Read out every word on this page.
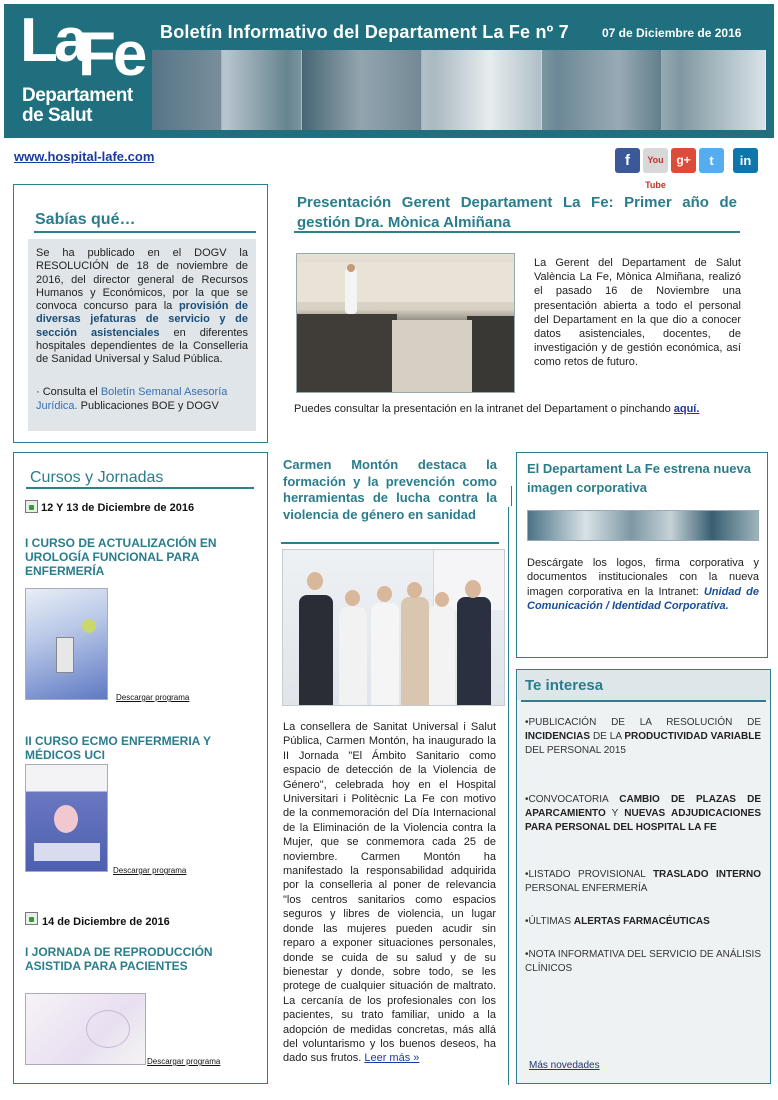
La
Fe
Departament
de Salut
Boletín Informativo del Departament La Fe nº 7	07 de Diciembre de 2016
www.hospital-lafe.com	f	You Tube
g+	t	in
Sabías qué…
Se ha publicado en el DOGV la RESOLUCIÓN de 18 de noviembre de 2016, del director general de Recursos Humanos y Económicos, por la que se convoca concurso para la provisión de diversas jefaturas de servicio y de sección asistenciales en diferentes hospitales dependientes de la Conselleria de Sanidad Universal y Salud Pública.
· Consulta el Boletín Semanal Asesoría Jurídica. Publicaciones BOE y DOGV
Presentación Gerent Departament La Fe: Primer año de gestión Dra. Mònica Almiñana
La Gerent del Departament de Salut València La Fe, Mònica Almiñana, realizó el pasado 16 de Noviembre una presentación abierta a todo el personal del Departament en la que dio a conocer datos asistenciales, docentes, de investigación y de gestión económica, así como retos de futuro.
Puedes consultar la presentación en la intranet del Departament o pinchando aquí.
Cursos y Jornadas
12 Y 13 de Diciembre de 2016
I CURSO DE ACTUALIZACIÓN EN UROLOGÍA FUNCIONAL PARA ENFERMERÍA
Descargar programa
II CURSO ECMO ENFERMERIA Y MÉDICOS UCI
Descargar programa
14 de Diciembre de 2016
I JORNADA DE REPRODUCCIÓN ASISTIDA PARA PACIENTES
Descargar programa
Carmen Montón destaca la formación y la prevención como herramientas de lucha contra la violencia de género en sanidad
La consellera de Sanitat Universal i Salut Pública, Carmen Montón, ha inaugurado la II Jornada "El Ámbito Sanitario como espacio de detección de la Violencia de Género", celebrada hoy en el Hospital Universitari i Politècnic La Fe con motivo de la conmemoración del Día Internacional de la Eliminación de la Violencia contra la Mujer, que se conmemora cada 25 de noviembre. Carmen Montón ha manifestado la responsabilidad adquirida por la conselleria al poner de relevancia "los centros sanitarios como espacios seguros y libres de violencia, un lugar donde las mujeres pueden acudir sin reparo a exponer situaciones personales, donde se cuida de su salud y de su bienestar y donde, sobre todo, se les protege de cualquier situación de maltrato. La cercanía de los profesionales con los pacientes, su trato familiar, unido a la adopción de medidas concretas, más allá del voluntarismo y los buenos deseos, ha dado sus frutos. Leer más »
El Departament La Fe estrena nueva imagen corporativa
Descárgate los logos, firma corporativa y documentos institucionales con la nueva imagen corporativa en la Intranet: Unidad de Comunicación / Identidad Corporativa.
Te interesa
•PUBLICACIÓN DE LA RESOLUCIÓN DE INCIDENCIAS DE LA PRODUCTIVIDAD VARIABLE DEL PERSONAL 2015
•CONVOCATORIA CAMBIO DE PLAZAS DE APARCAMIENTO Y NUEVAS ADJUDICACIONES PARA PERSONAL DEL HOSPITAL LA FE
•LISTADO PROVISIONAL TRASLADO INTERNO PERSONAL ENFERMERÍA
•ÚLTIMAS ALERTAS FARMACÉUTICAS
•NOTA INFORMATIVA DEL SERVICIO DE ANÁLISIS CLÍNICOS
Más novedades
